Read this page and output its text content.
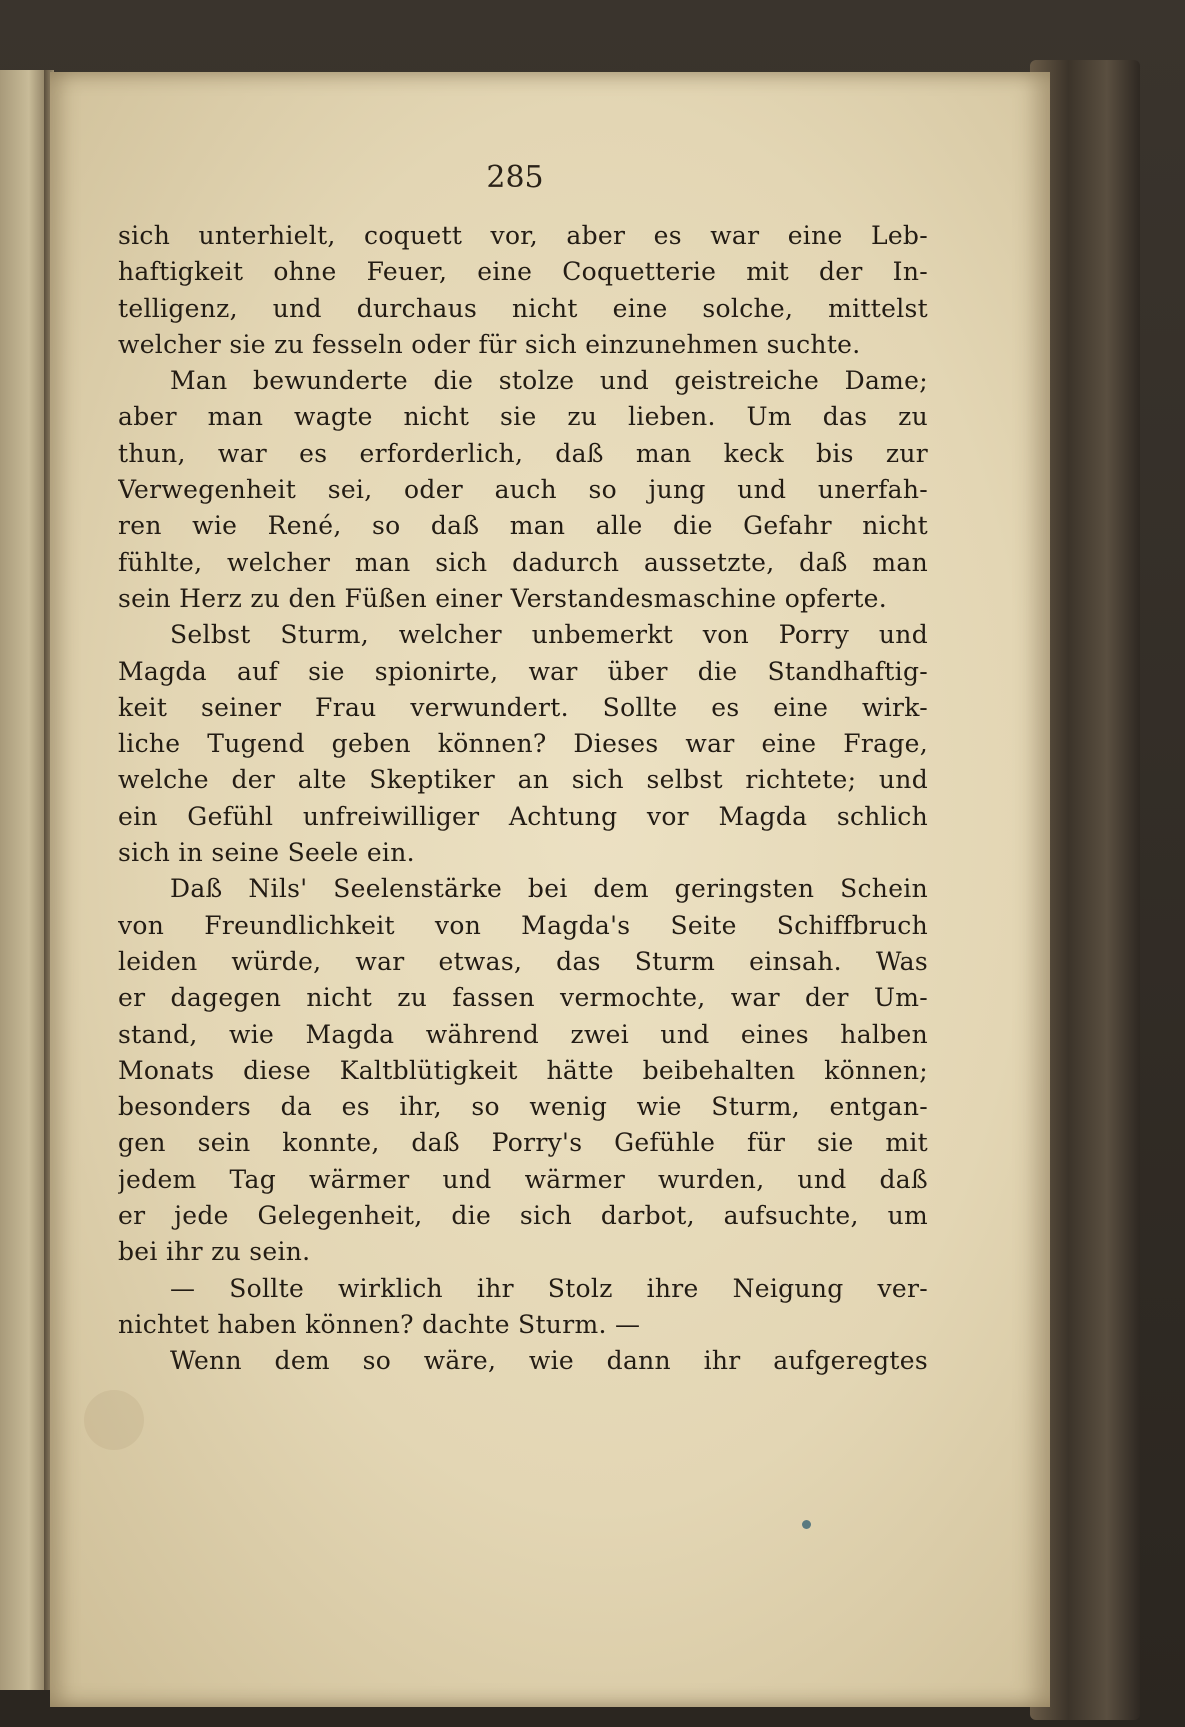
285
sich unterhielt, coquett vor, aber es war eine Leb-
haftigkeit ohne Feuer, eine Coquetterie mit der In-
telligenz, und durchaus nicht eine solche, mittelst
welcher sie zu fesseln oder für sich einzunehmen suchte.
Man bewunderte die stolze und geistreiche Dame;
aber man wagte nicht sie zu lieben. Um das zu
thun, war es erforderlich, daß man keck bis zur
Verwegenheit sei, oder auch so jung und unerfah-
ren wie René, so daß man alle die Gefahr nicht
fühlte, welcher man sich dadurch aussetzte, daß man
sein Herz zu den Füßen einer Verstandesmaschine opferte.
Selbst Sturm, welcher unbemerkt von Porry und
Magda auf sie spionirte, war über die Standhaftig-
keit seiner Frau verwundert. Sollte es eine wirk-
liche Tugend geben können? Dieses war eine Frage,
welche der alte Skeptiker an sich selbst richtete; und
ein Gefühl unfreiwilliger Achtung vor Magda schlich
sich in seine Seele ein.
Daß Nils' Seelenstärke bei dem geringsten Schein
von Freundlichkeit von Magda's Seite Schiffbruch
leiden würde, war etwas, das Sturm einsah. Was
er dagegen nicht zu fassen vermochte, war der Um-
stand, wie Magda während zwei und eines halben
Monats diese Kaltblütigkeit hätte beibehalten können;
besonders da es ihr, so wenig wie Sturm, entgan-
gen sein konnte, daß Porry's Gefühle für sie mit
jedem Tag wärmer und wärmer wurden, und daß
er jede Gelegenheit, die sich darbot, aufsuchte, um
bei ihr zu sein.
— Sollte wirklich ihr Stolz ihre Neigung ver-
nichtet haben können? dachte Sturm. —
Wenn dem so wäre, wie dann ihr aufgeregtes
